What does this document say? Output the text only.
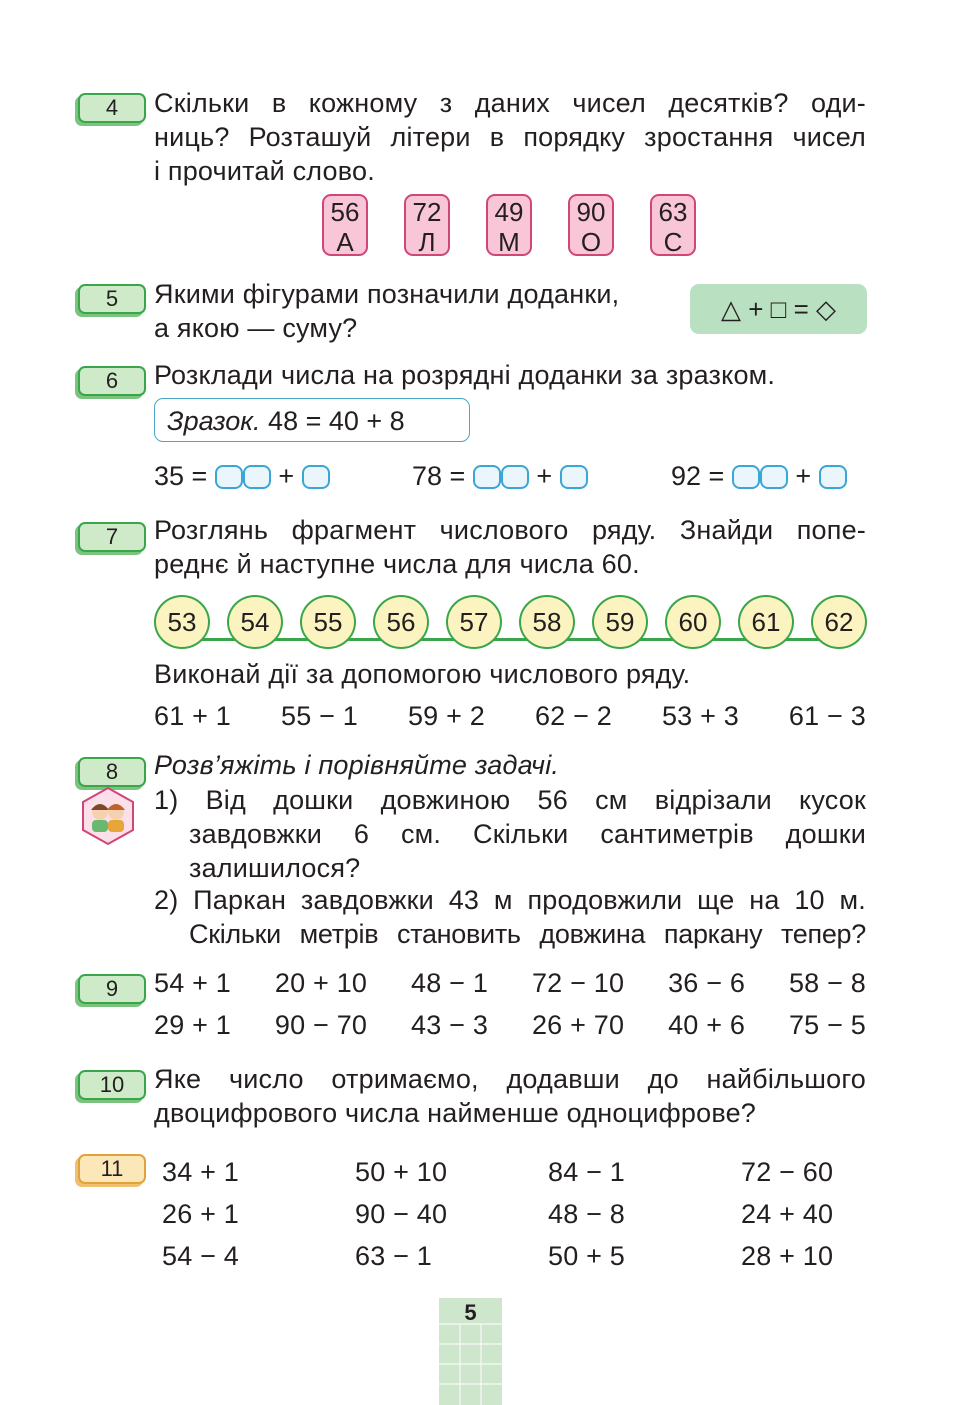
4	Скільки в кожному з даних чисел десятків? оди-
ниць? Розташуй літери в порядку зростання чисел
і прочитай слово.
56
А
72
Л
49
М
90
О
63
С
5	Якими фігурами позначили доданки,
а якою — суму?
△ + □ = ◇
6	Розклади числа на розрядні доданки за зразком.
Зразок. 48 = 40 + 8
35 =	+	78 =	+	92 =	+
7	Розглянь фрагмент числового ряду. Знайди попе-
реднє й наступне числа для числа 60.
53	54	55	56	57	58	59	60	61	62
Виконай дії за допомогою числового ряду.
61 + 1 55 − 1 59 + 2 62 − 2 53 + 3 61 − 3
8	Розв’яжіть і порівняйте задачі.
1) Від дошки довжиною 56 см відрізали кусок
завдовжки 6 см. Скільки сантиметрів дошки
залишилося?
2) Паркан завдовжки 43 м продовжили ще на 10 м.
Скільки метрів становить довжина паркану тепер?
9	54 + 1 20 + 10 48 − 1 72 − 10 36 − 6 58 − 8
29 + 1 90 − 70 43 − 3 26 + 70 40 + 6 75 − 5
10	Яке число отримаємо, додавши до найбільшого
двоцифрового числа найменше одноцифрове?
11	34 + 1	50 + 10	84 − 1	72 − 60
26 + 1	90 − 40	48 − 8	24 + 40
54 − 4	63 − 1	50 + 5	28 + 10
5
